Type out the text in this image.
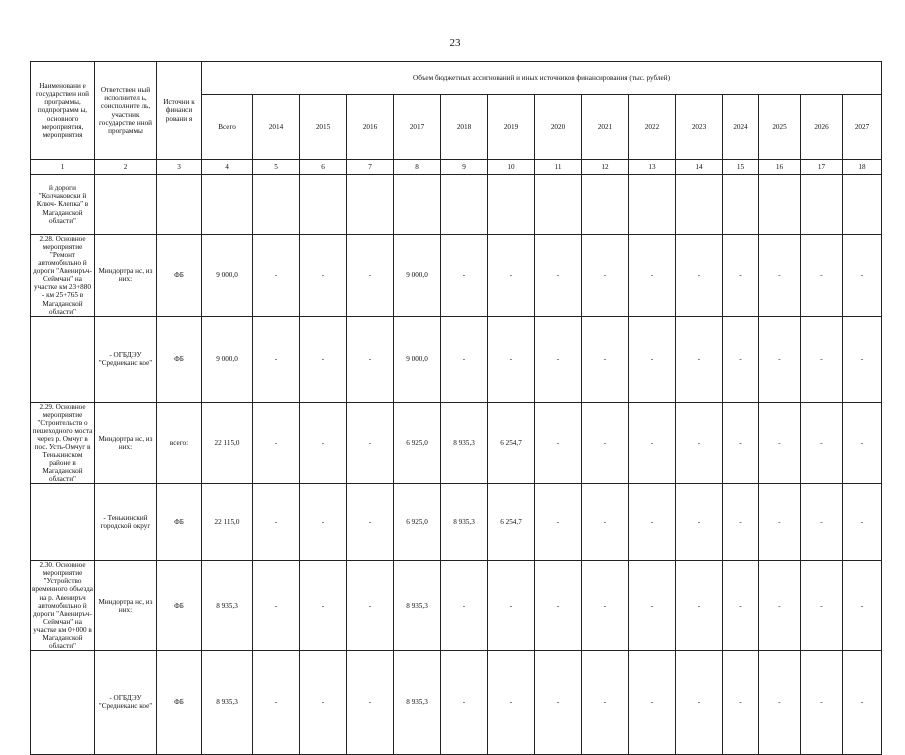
23
Наименовани е государствен ной программы, подпрограмм ы, основного мероприятия, мероприятия	Ответствен ный исполнител ь, соисполните ль, участник государстве нной программы	Источни к финанси ровани я	Объем бюджетных ассигнований и иных источников финансирования (тыс. рублей)														
			Всего	2014	2015	2016	2017	2018	2019	2020	2021	2022	2023	2024	2025	2026	2027
1	2	3	4	5	6	7	8	9	10	11	12	13	14	15	16	17	18
й дороги "Колчаковски й Ключ- Клепка" в Магаданской области"																	
2.28. Основное мероприятие "Ремонт автомобильно й дороги "Авениръч- Сеймчан" на участке км 23+880 - км 25+765 в Магаданской области"	Миндортра нс, из них:	ФБ	9 000,0	-	-	-	9 000,0	-	-	-	-	-	-	-	-	-	-
	- ОГБДЭУ "Среднеканс кое"	ФБ	9 000,0	-	-	-	9 000,0	-	-	-	-	-	-	-	-	-	-
2.29. Основное мероприятие "Строительств о пешеходного моста через р. Омчуг в пос. Усть-Омчуг в Тенькинском районе в Магаданской области"	Миндортра нс, из них:	всего:	22 115,0	-	-	-	6 925,0	8 935,3	6 254,7	-	-	-	-	-	-	-	-
	- Тенькинский городской округ	ФБ	22 115,0	-	-	-	6 925,0	8 935,3	6 254,7	-	-	-	-	-	-	-	-
2.30. Основное мероприятие "Устройство временного объезда на р. Авениръч автомобильно й дороги "Авениръч- Сеймчан" на участке км 0+000 в Магаданской области"	Миндортра нс, из них:	ФБ	8 935,3	-	-	-	8 935,3	-	-	-	-	-	-	-	-	-	-
	- ОГБДЭУ "Среднеканс кое"	ФБ	8 935,3	-	-	-	8 935,3	-	-	-	-	-	-	-	-	-	-
